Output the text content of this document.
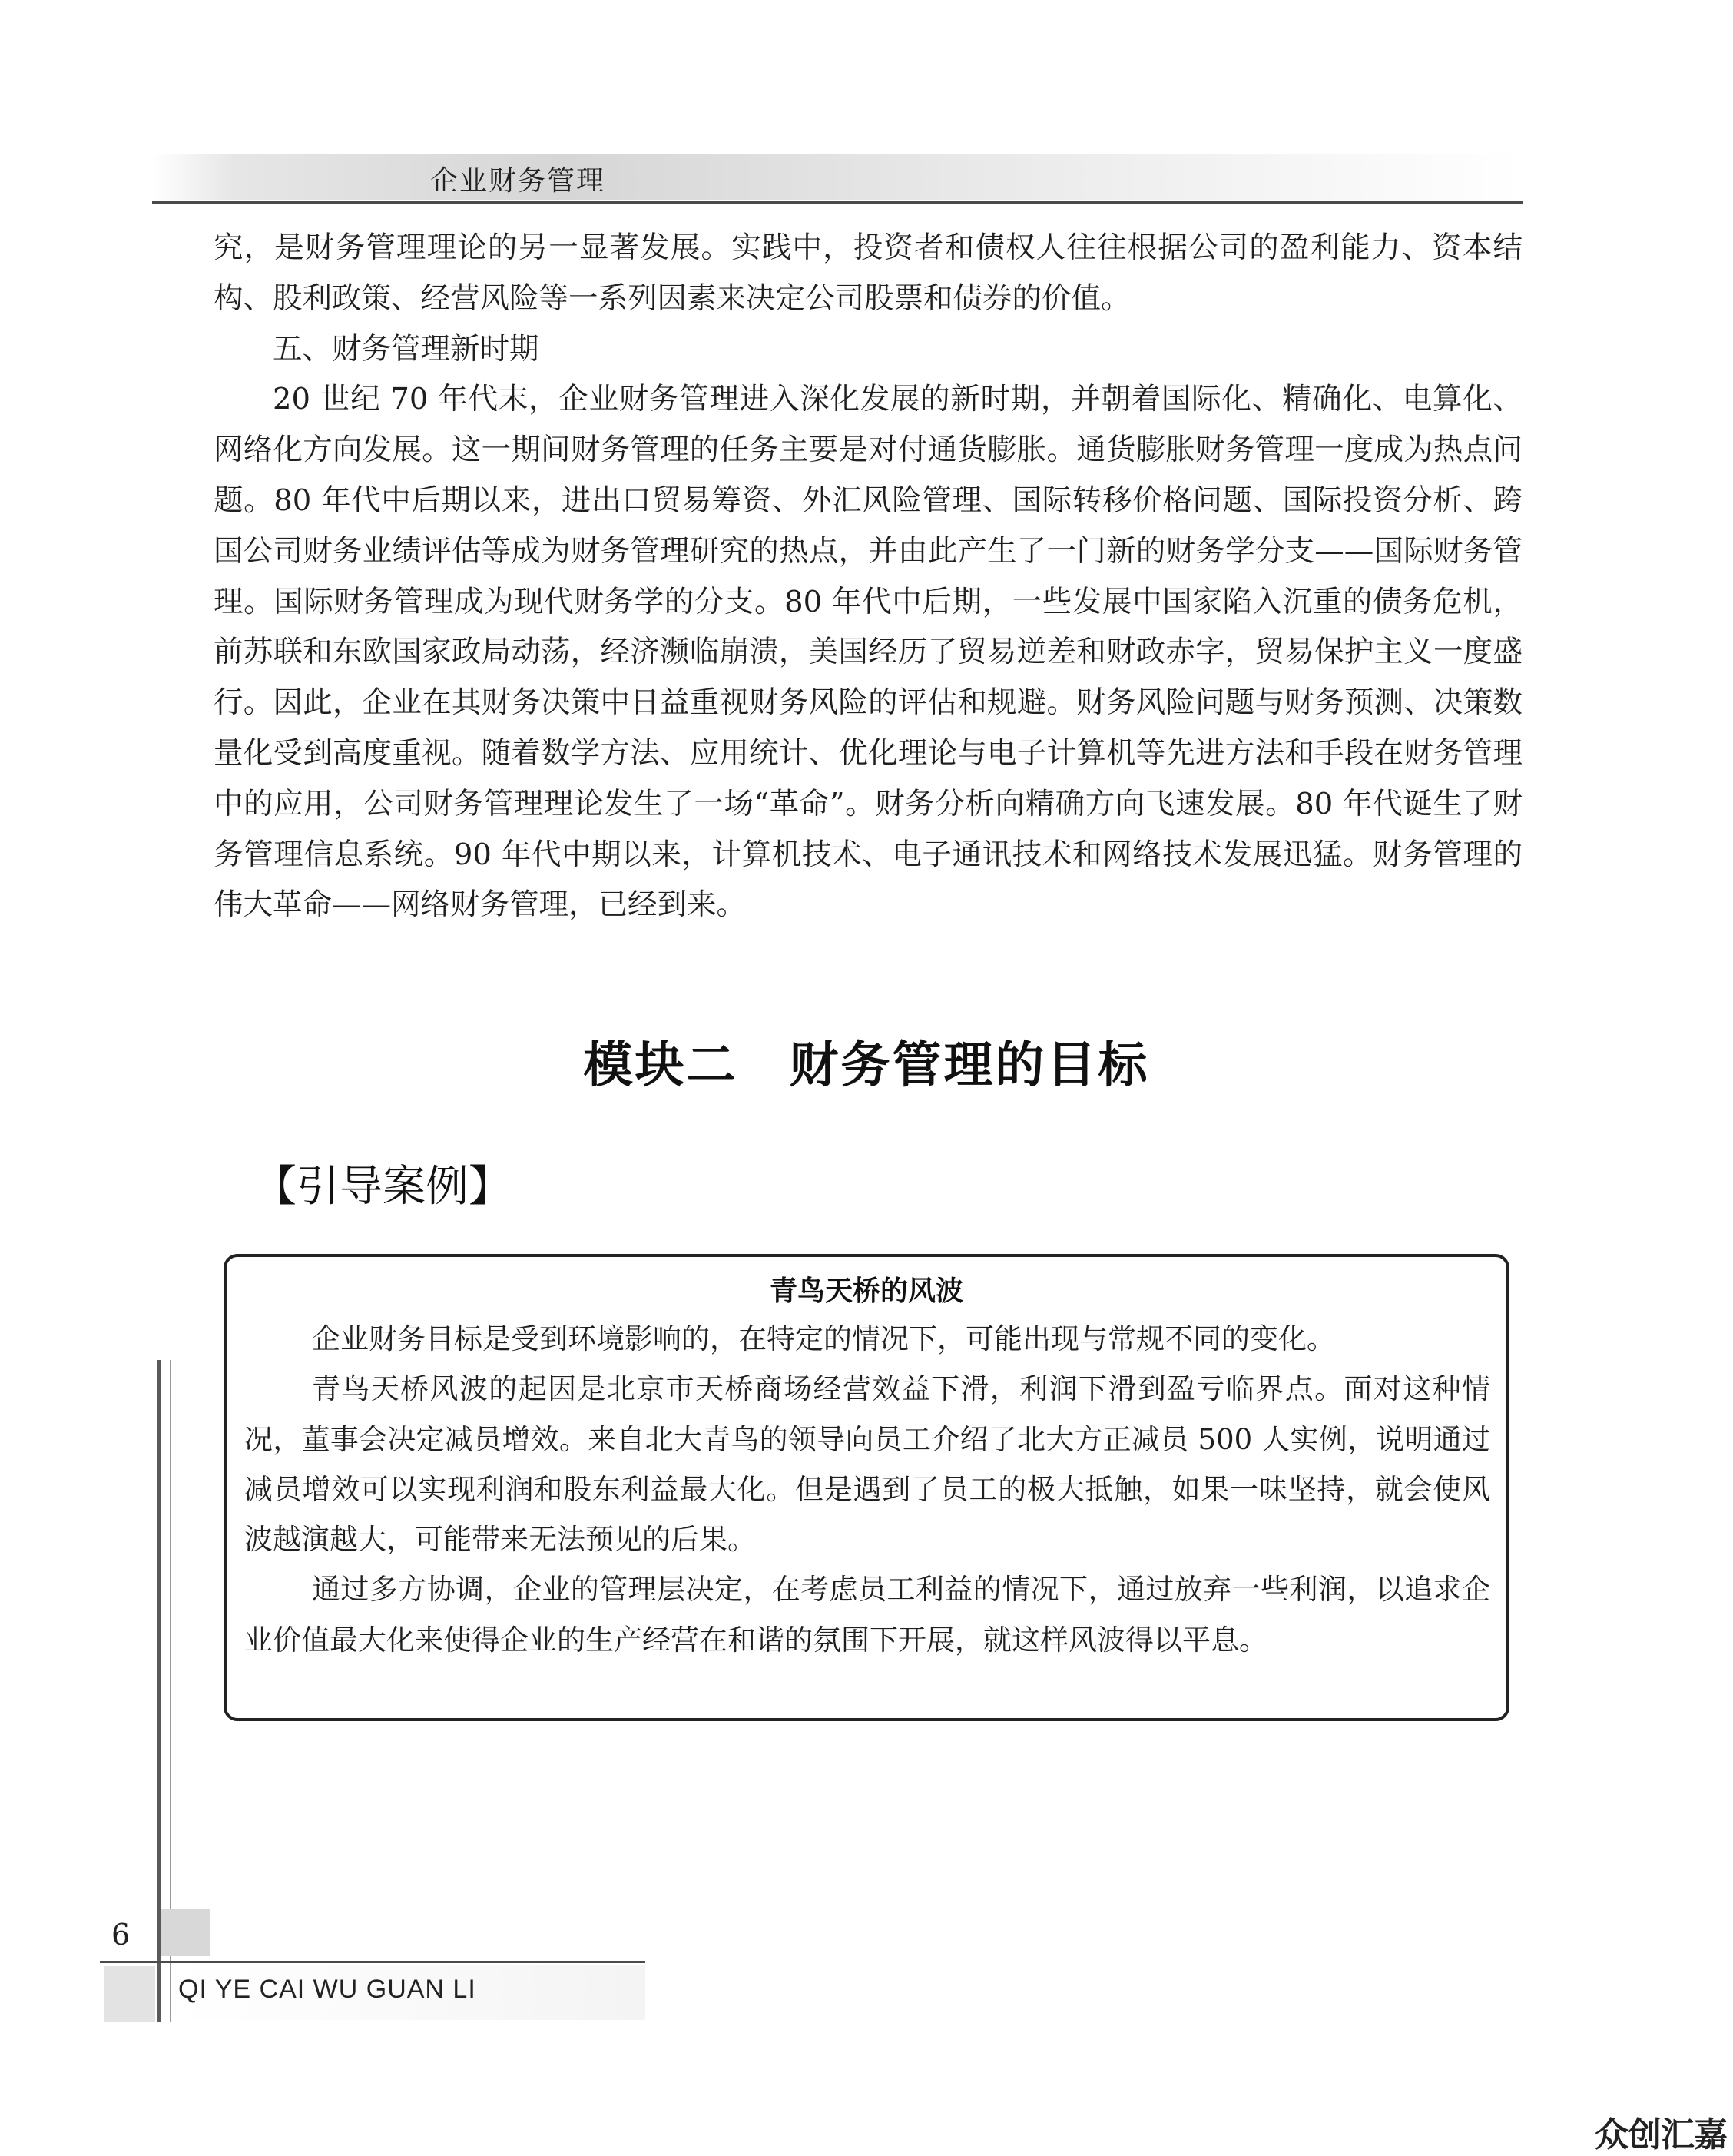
企业财务管理

究，是财务管理理论的另一显著发展。实践中，投资者和债权人往往根据公司的盈利能力、资本结构、股利政策、经营风险等一系列因素来决定公司股票和债券的价值。

五、财务管理新时期

20 世纪 70 年代末，企业财务管理进入深化发展的新时期，并朝着国际化、精确化、电算化、网络化方向发展。这一期间财务管理的任务主要是对付通货膨胀。通货膨胀财务管理一度成为热点问题。80 年代中后期以来，进出口贸易筹资、外汇风险管理、国际转移价格问题、国际投资分析、跨国公司财务业绩评估等成为财务管理研究的热点，并由此产生了一门新的财务学分支——国际财务管理。国际财务管理成为现代财务学的分支。80 年代中后期，一些发展中国家陷入沉重的债务危机，前苏联和东欧国家政局动荡，经济濒临崩溃，美国经历了贸易逆差和财政赤字，贸易保护主义一度盛行。因此，企业在其财务决策中日益重视财务风险的评估和规避。财务风险问题与财务预测、决策数量化受到高度重视。随着数学方法、应用统计、优化理论与电子计算机等先进方法和手段在财务管理中的应用，公司财务管理理论发生了一场“革命”。财务分析向精确方向飞速发展。80 年代诞生了财务管理信息系统。90 年代中期以来，计算机技术、电子通讯技术和网络技术发展迅猛。财务管理的伟大革命——网络财务管理，已经到来。

模块二　财务管理的目标
【引导案例】
青鸟天桥的风波

企业财务目标是受到环境影响的，在特定的情况下，可能出现与常规不同的变化。

青鸟天桥风波的起因是北京市天桥商场经营效益下滑，利润下滑到盈亏临界点。面对这种情况，董事会决定减员增效。来自北大青鸟的领导向员工介绍了北大方正减员 500 人实例，说明通过减员增效可以实现利润和股东利益最大化。但是遇到了员工的极大抵触，如果一味坚持，就会使风波越演越大，可能带来无法预见的后果。

通过多方协调，企业的管理层决定，在考虑员工利益的情况下，通过放弃一些利润，以追求企业价值最大化来使得企业的生产经营在和谐的氛围下开展，就这样风波得以平息。

6
QI YE CAI WU GUAN LI
众创汇嘉
